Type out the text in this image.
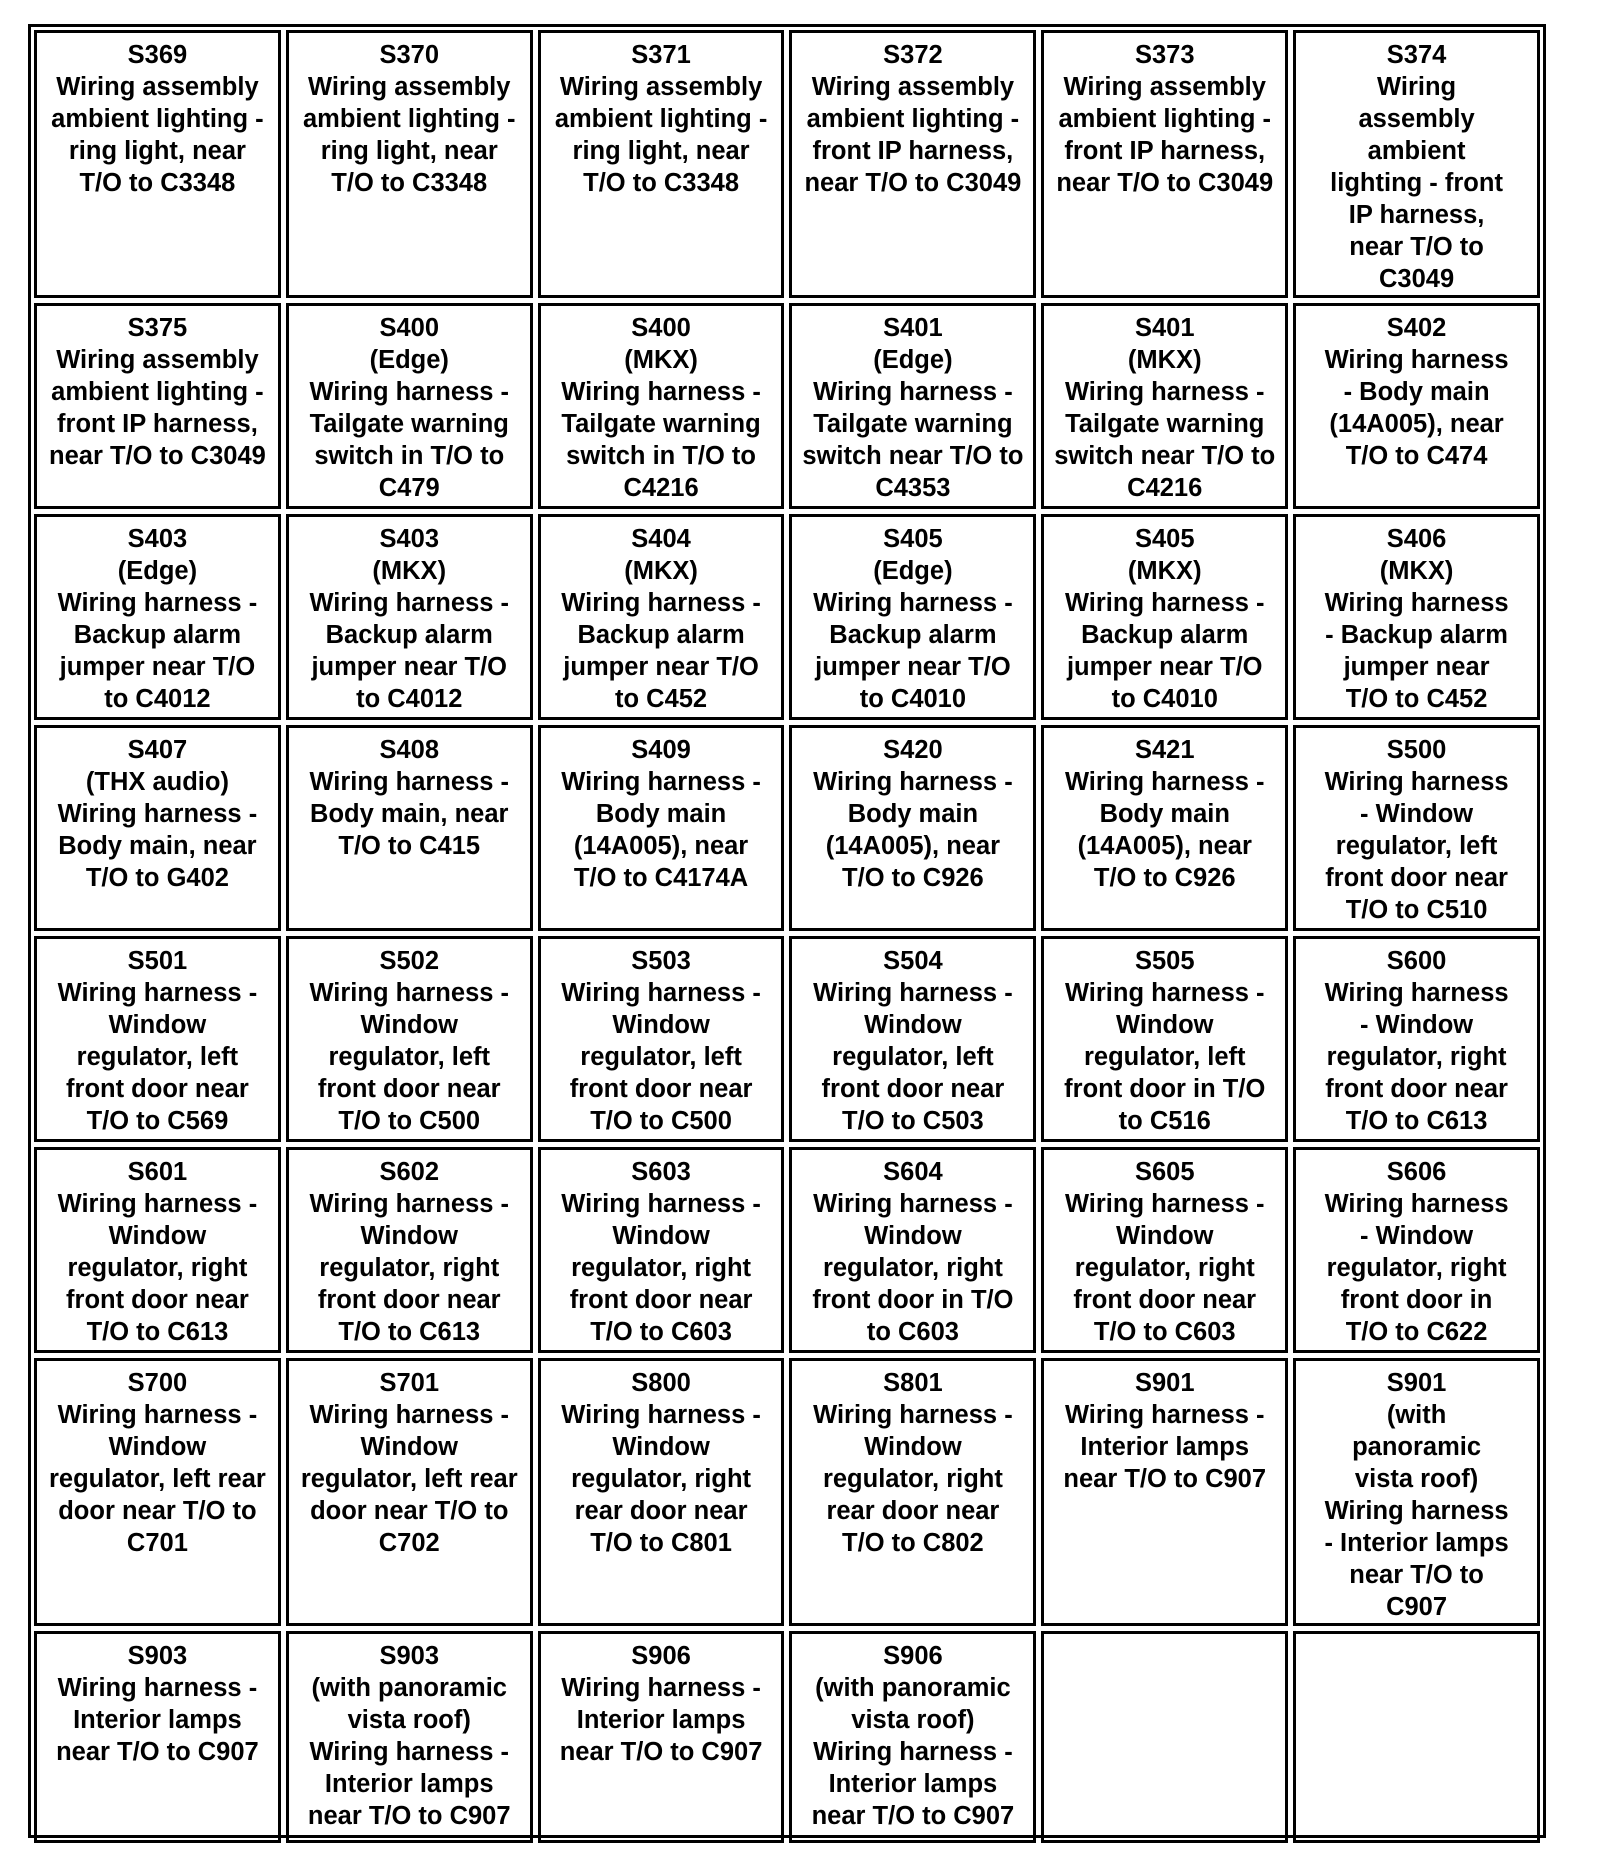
S369
Wiring assembly
ambient lighting -
ring light, near
T/O to C3348
S370
Wiring assembly
ambient lighting -
ring light, near
T/O to C3348
S371
Wiring assembly
ambient lighting -
ring light, near
T/O to C3348
S372
Wiring assembly
ambient lighting -
front IP harness,
near T/O to C3049
S373
Wiring assembly
ambient lighting -
front IP harness,
near T/O to C3049
S374
Wiring
assembly
ambient
lighting - front
IP harness,
near T/O to
C3049
S375
Wiring assembly
ambient lighting -
front IP harness,
near T/O to C3049
S400
(Edge)
Wiring harness -
Tailgate warning
switch in T/O to
C479
S400
(MKX)
Wiring harness -
Tailgate warning
switch in T/O to
C4216
S401
(Edge)
Wiring harness -
Tailgate warning
switch near T/O to
C4353
S401
(MKX)
Wiring harness -
Tailgate warning
switch near T/O to
C4216
S402
Wiring harness
- Body main
(14A005), near
T/O to C474
S403
(Edge)
Wiring harness -
Backup alarm
jumper near T/O
to C4012
S403
(MKX)
Wiring harness -
Backup alarm
jumper near T/O
to C4012
S404
(MKX)
Wiring harness -
Backup alarm
jumper near T/O
to C452
S405
(Edge)
Wiring harness -
Backup alarm
jumper near T/O
to C4010
S405
(MKX)
Wiring harness -
Backup alarm
jumper near T/O
to C4010
S406
(MKX)
Wiring harness
- Backup alarm
jumper near
T/O to C452
S407
(THX audio)
Wiring harness -
Body main, near
T/O to G402
S408
Wiring harness -
Body main, near
T/O to C415
S409
Wiring harness -
Body main
(14A005), near
T/O to C4174A
S420
Wiring harness -
Body main
(14A005), near
T/O to C926
S421
Wiring harness -
Body main
(14A005), near
T/O to C926
S500
Wiring harness
- Window
regulator, left
front door near
T/O to C510
S501
Wiring harness -
Window
regulator, left
front door near
T/O to C569
S502
Wiring harness -
Window
regulator, left
front door near
T/O to C500
S503
Wiring harness -
Window
regulator, left
front door near
T/O to C500
S504
Wiring harness -
Window
regulator, left
front door near
T/O to C503
S505
Wiring harness -
Window
regulator, left
front door in T/O
to C516
S600
Wiring harness
- Window
regulator, right
front door near
T/O to C613
S601
Wiring harness -
Window
regulator, right
front door near
T/O to C613
S602
Wiring harness -
Window
regulator, right
front door near
T/O to C613
S603
Wiring harness -
Window
regulator, right
front door near
T/O to C603
S604
Wiring harness -
Window
regulator, right
front door in T/O
to C603
S605
Wiring harness -
Window
regulator, right
front door near
T/O to C603
S606
Wiring harness
- Window
regulator, right
front door in
T/O to C622
S700
Wiring harness -
Window
regulator, left rear
door near T/O to
C701
S701
Wiring harness -
Window
regulator, left rear
door near T/O to
C702
S800
Wiring harness -
Window
regulator, right
rear door near
T/O to C801
S801
Wiring harness -
Window
regulator, right
rear door near
T/O to C802
S901
Wiring harness -
Interior lamps
near T/O to C907
S901
(with
panoramic
vista roof)
Wiring harness
- Interior lamps
near T/O to
C907
S903
Wiring harness -
Interior lamps
near T/O to C907
S903
(with panoramic
vista roof)
Wiring harness -
Interior lamps
near T/O to C907
S906
Wiring harness -
Interior lamps
near T/O to C907
S906
(with panoramic
vista roof)
Wiring harness -
Interior lamps
near T/O to C907
